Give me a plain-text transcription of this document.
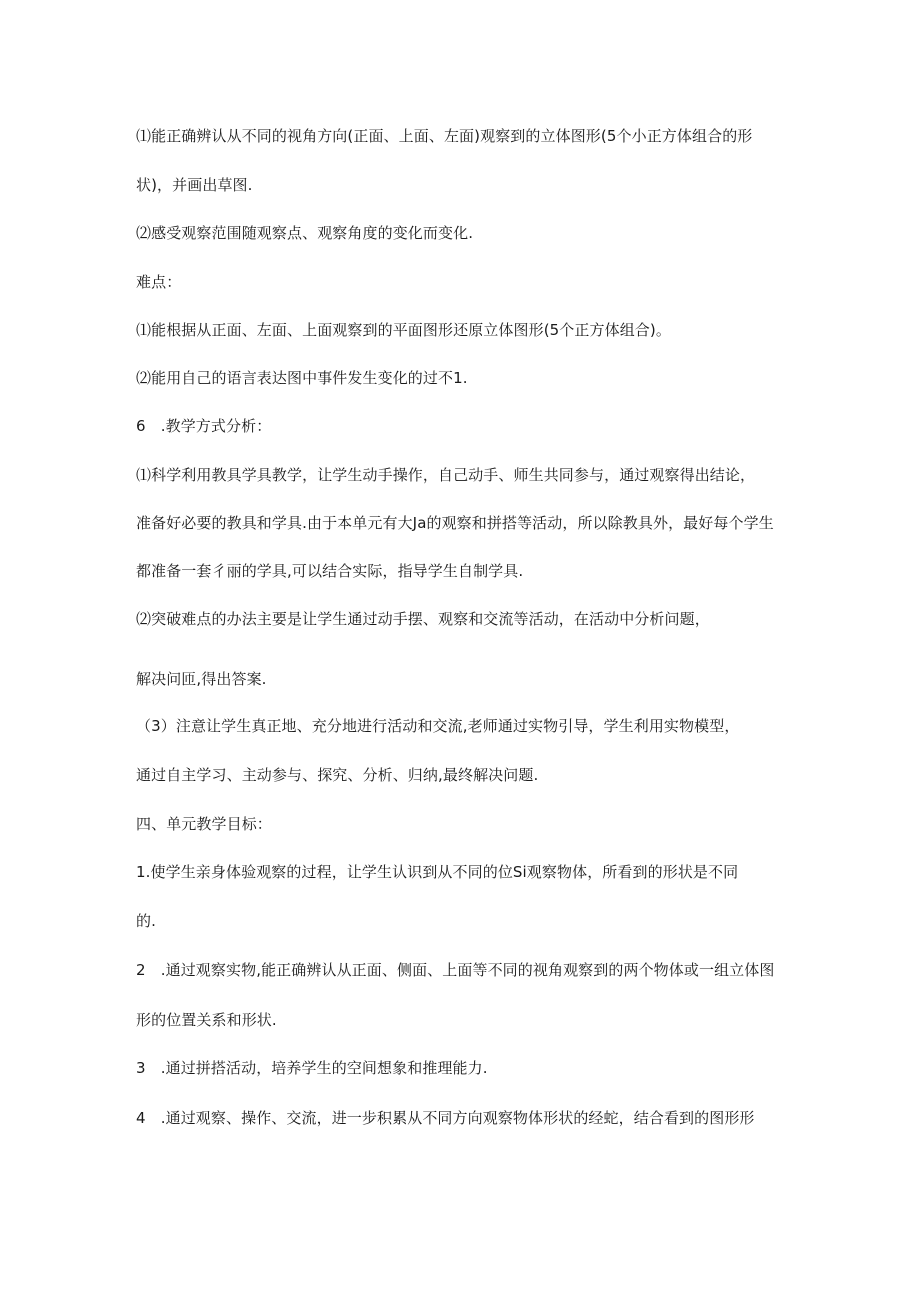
⑴能正确辨认从不同的视角方向(正面、上面、左面)观察到的立体图形(5个小正方体组合的形
状)，并画出草图.
⑵感受观察范围随观察点、观察角度的变化而变化.
难点：
⑴能根据从正面、左面、上面观察到的平面图形还原立体图形(5个正方体组合)。
⑵能用自己的语言表达图中事件发生变化的过不1.
6　.教学方式分析：
⑴科学利用教具学具教学，让学生动手操作，自己动手、师生共同参与，通过观察得出结论，
准备好必要的教具和学具.由于本单元有大Ja的观察和拼搭等活动，所以除教具外，最好每个学生
都准备一套彳丽的学具,可以结合实际，指导学生自制学具.
⑵突破难点的办法主要是让学生通过动手摆、观察和交流等活动，在活动中分析问题，
解决问匝,得出答案.
（3）注意让学生真正地、充分地进行活动和交流,老师通过实物引导，学生利用实物模型，
通过自主学习、主动参与、探究、分析、归纳,最终解决问题.
四、单元教学目标：
1.使学生亲身体验观察的过程，让学生认识到从不同的位Si观察物体，所看到的形状是不同
的.
2　.通过观察实物,能正确辨认从正面、侧面、上面等不同的视角观察到的两个物体或一组立体图
形的位置关系和形状.
3　.通过拼搭活动，培养学生的空间想象和推理能力.
4　.通过观察、操作、交流，进一步积累从不同方向观察物体形状的经蛇，结合看到的图形形
